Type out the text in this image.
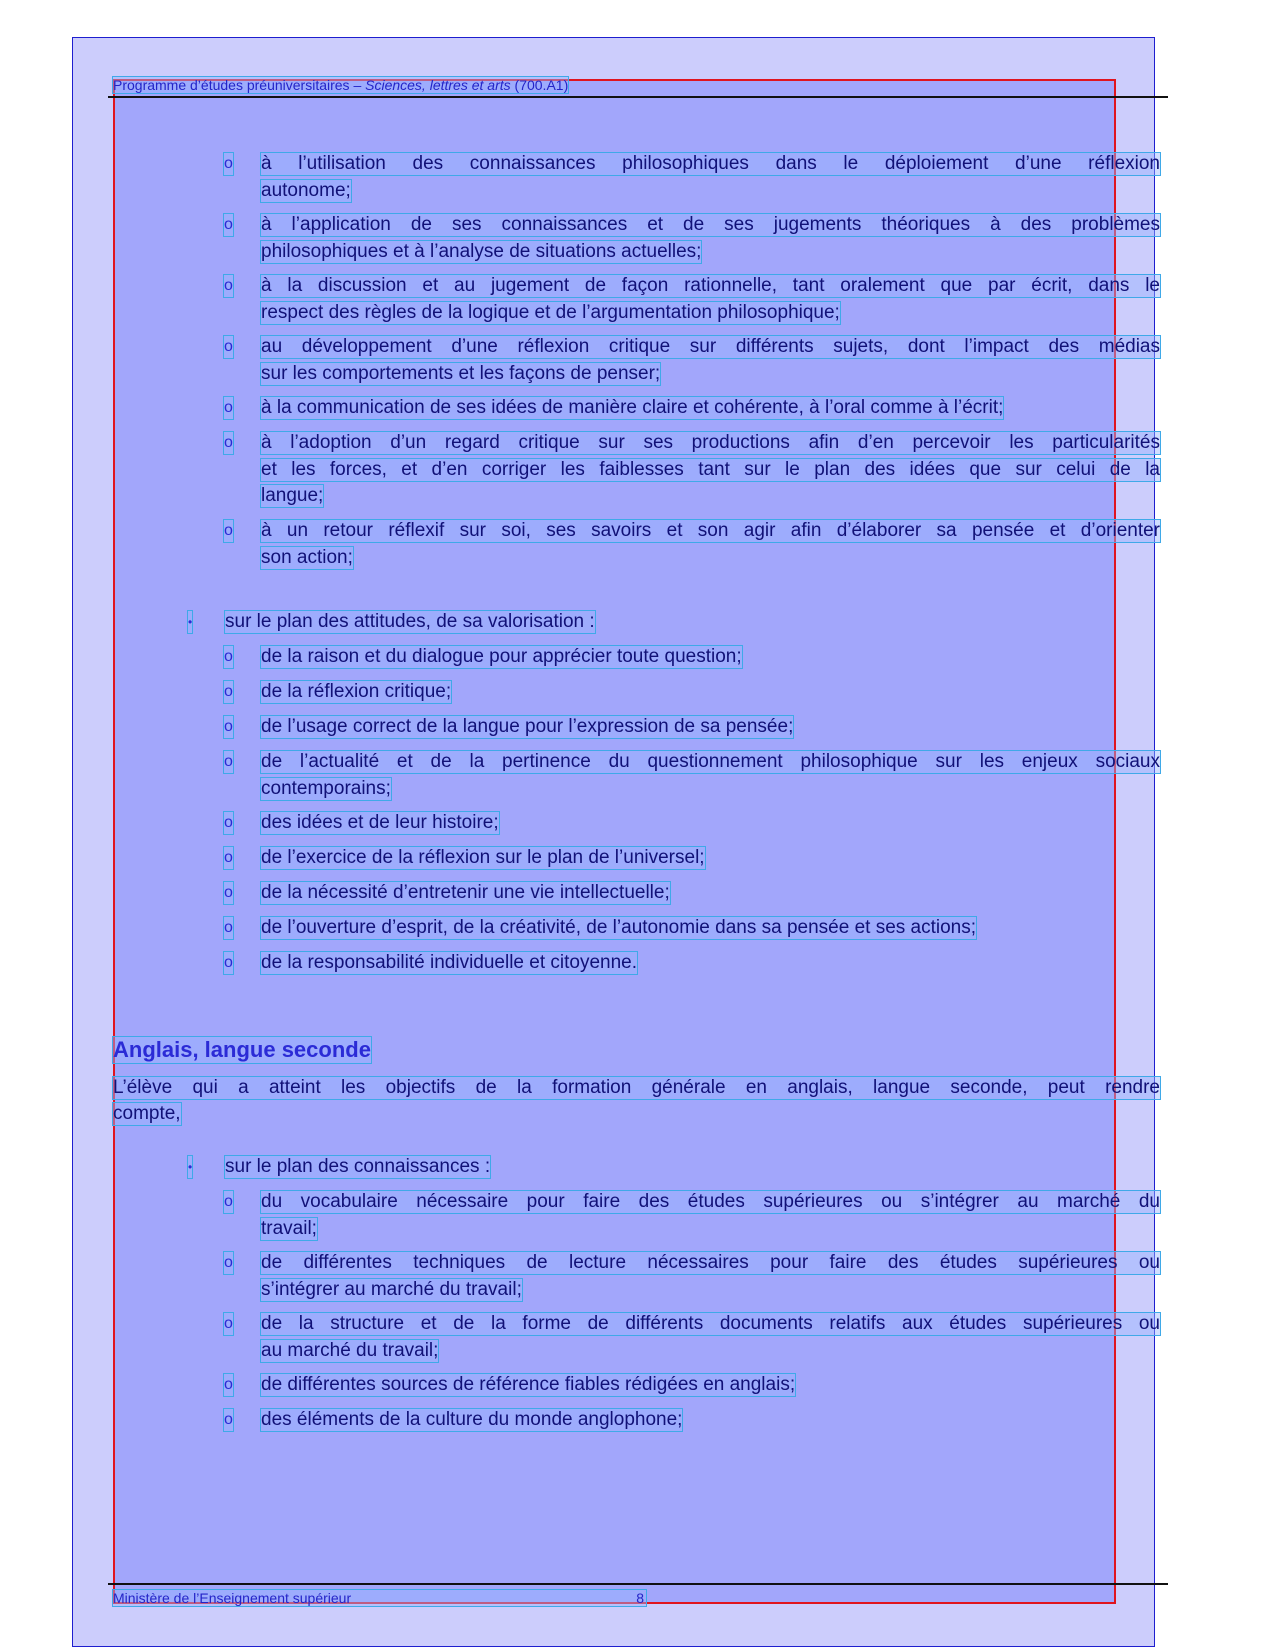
Programme d’études préuniversitaires – Sciences, lettres et arts (700.A1)
o à l’utilisation des connaissances philosophiques dans le déploiement d’une réflexion
autonome;
o à l’application de ses connaissances et de ses jugements théoriques à des problèmes
philosophiques et à l’analyse de situations actuelles;
o à la discussion et au jugement de façon rationnelle, tant oralement que par écrit, dans le
respect des règles de la logique et de l’argumentation philosophique;
o au développement d’une réflexion critique sur différents sujets, dont l’impact des médias
sur les comportements et les façons de penser;
o à la communication de ses idées de manière claire et cohérente, à l’oral comme à l’écrit;
o à l’adoption d’un regard critique sur ses productions afin d’en percevoir les particularités
et les forces, et d’en corriger les faiblesses tant sur le plan des idées que sur celui de la
langue;
o à un retour réflexif sur soi, ses savoirs et son agir afin d’élaborer sa pensée et d’orienter
son action;
• sur le plan des attitudes, de sa valorisation :
o de la raison et du dialogue pour apprécier toute question;
o de la réflexion critique;
o de l’usage correct de la langue pour l’expression de sa pensée;
o de l’actualité et de la pertinence du questionnement philosophique sur les enjeux sociaux
contemporains;
o des idées et de leur histoire;
o de l’exercice de la réflexion sur le plan de l’universel;
o de la nécessité d’entretenir une vie intellectuelle;
o de l’ouverture d’esprit, de la créativité, de l’autonomie dans sa pensée et ses actions;
o de la responsabilité individuelle et citoyenne.
L’élève qui a atteint les objectifs de la formation générale en anglais, langue seconde, peut rendre
compte,
• sur le plan des connaissances :
o du vocabulaire nécessaire pour faire des études supérieures ou s’intégrer au marché du
travail;
o de différentes techniques de lecture nécessaires pour faire des études supérieures ou
s’intégrer au marché du travail;
o de la structure et de la forme de différents documents relatifs aux études supérieures ou
au marché du travail;
o de différentes sources de référence fiables rédigées en anglais;
o des éléments de la culture du monde anglophone;
Anglais, langue seconde
Ministère de l’Enseignement supérieur	8
